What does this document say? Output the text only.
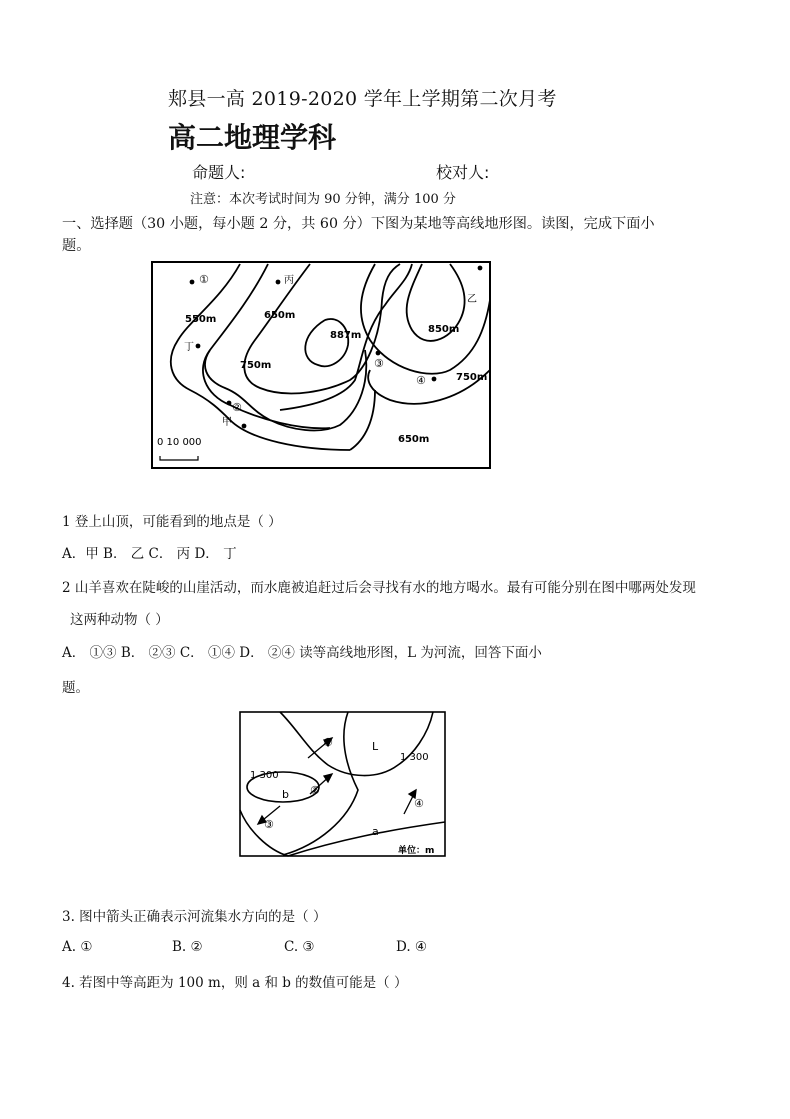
郏县一高 2019-2020 学年上学期第二次月考
高二地理学科
命题人:	校对人:
注意：本次考试时间为 90 分钟，满分 100 分
一、选择题（30 小题，每小题 2 分，共 60 分）下图为某地等高线地形图。读图，完成下面小
题。
①	丙
乙
550m	650m
887m
850m
丁
750m	③
④	750m
②
甲
650m
0 10 000
1 登上山顶，可能看到的地点是（ ）
A．甲 B． 乙 C． 丙 D． 丁
2 山羊喜欢在陡峻的山崖活动，而水鹿被追赶过后会寻找有水的地方喝水。最有可能分别在图中哪两处发现
这两种动物（ ）
A． ①③ B． ②③ C． ①④ D． ②④ 读等高线地形图，L 为河流，回答下面小
题。
①	L
1 300
1 300
b ②
③
④
a
单位：m
3. 图中箭头正确表示河流集水方向的是（ ）
A. ①	B. ②	C. ③	D. ④
4. 若图中等高距为 100 m，则 a 和 b 的数值可能是（ ）
